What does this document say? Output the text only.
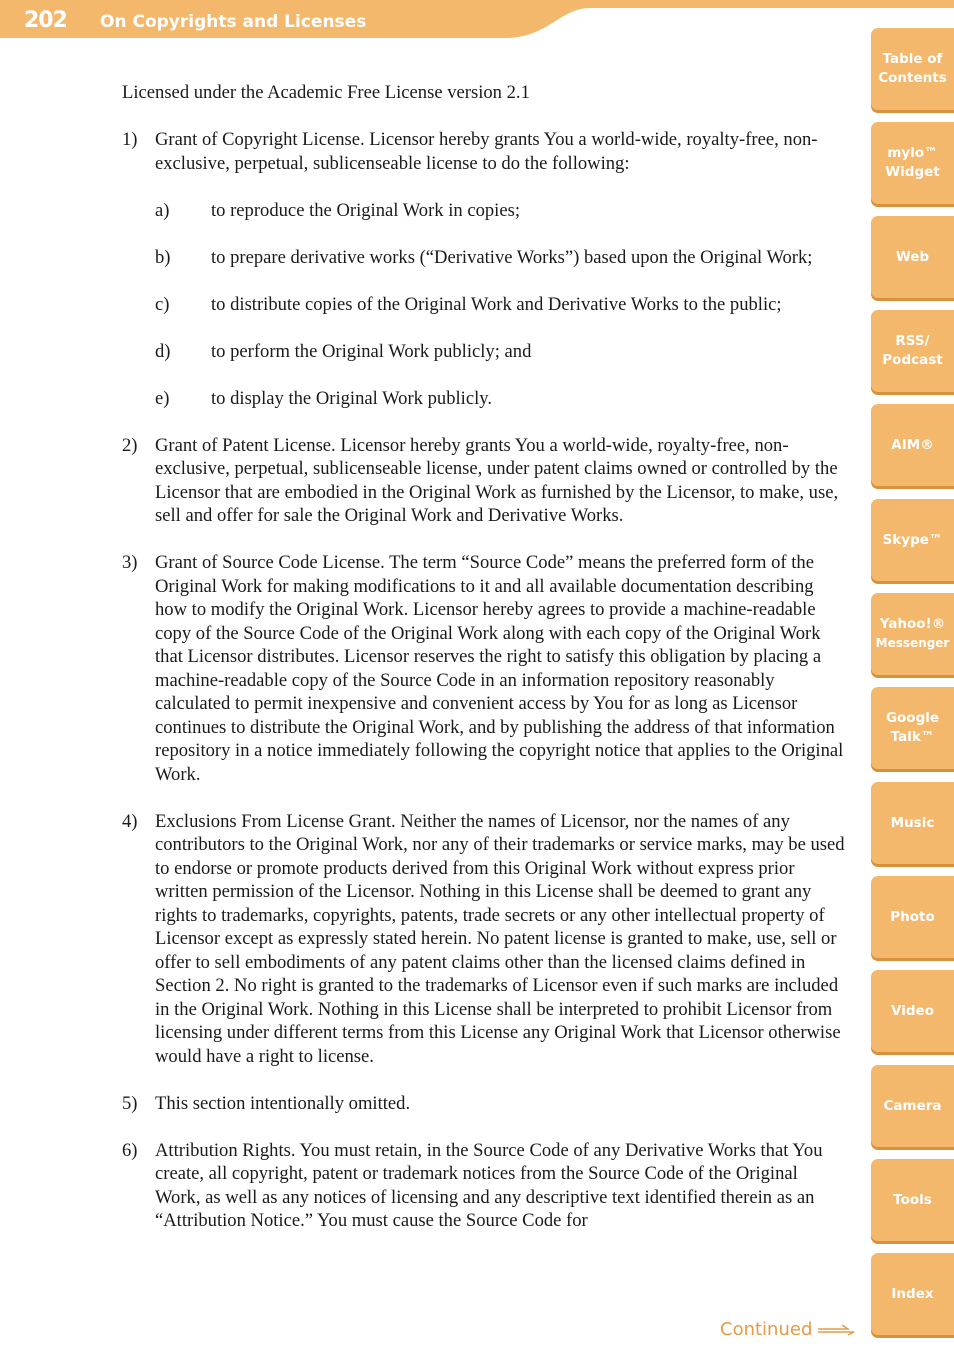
202 On Copyrights and Licenses

Licensed under the Academic Free License version 2.1

1) Grant of Copyright License. Licensor hereby grants You a world-wide, royalty-free, non-exclusive, perpetual, sublicenseable license to do the following:

a) to reproduce the Original Work in copies;

b) to prepare derivative works (“Derivative Works”) based upon the Original Work;

c) to distribute copies of the Original Work and Derivative Works to the public;

d) to perform the Original Work publicly; and

e) to display the Original Work publicly.

2) Grant of Patent License. Licensor hereby grants You a world-wide, royalty-free, non-exclusive, perpetual, sublicenseable license, under patent claims owned or controlled by the Licensor that are embodied in the Original Work as furnished by the Licensor, to make, use, sell and offer for sale the Original Work and Derivative Works.

3) Grant of Source Code License. The term “Source Code” means the preferred form of the Original Work for making modifications to it and all available documentation describing how to modify the Original Work. Licensor hereby agrees to provide a machine-readable copy of the Source Code of the Original Work along with each copy of the Original Work that Licensor distributes. Licensor reserves the right to satisfy this obligation by placing a machine-readable copy of the Source Code in an information repository reasonably calculated to permit inexpensive and convenient access by You for as long as Licensor continues to distribute the Original Work, and by publishing the address of that information repository in a notice immediately following the copyright notice that applies to the Original Work.

4) Exclusions From License Grant. Neither the names of Licensor, nor the names of any contributors to the Original Work, nor any of their trademarks or service marks, may be used to endorse or promote products derived from this Original Work without express prior written permission of the Licensor. Nothing in this License shall be deemed to grant any rights to trademarks, copyrights, patents, trade secrets or any other intellectual property of Licensor except as expressly stated herein. No patent license is granted to make, use, sell or offer to sell embodiments of any patent claims other than the licensed claims defined in Section 2. No right is granted to the trademarks of Licensor even if such marks are included in the Original Work. Nothing in this License shall be interpreted to prohibit Licensor from licensing under different terms from this License any Original Work that Licensor otherwise would have a right to license.

5) This section intentionally omitted.

6) Attribution Rights. You must retain, in the Source Code of any Derivative Works that You create, all copyright, patent or trademark notices from the Source Code of the Original Work, as well as any notices of licensing and any descriptive text identified therein as an “Attribution Notice.” You must cause the Source Code for

Table of
Contents
mylo™
Widget
Web
RSS/
Podcast
AIM®
Skype™
Yahoo!®
Messenger
Google
Talk™
Music
Photo
Video
Camera
Tools
Index
Continued
